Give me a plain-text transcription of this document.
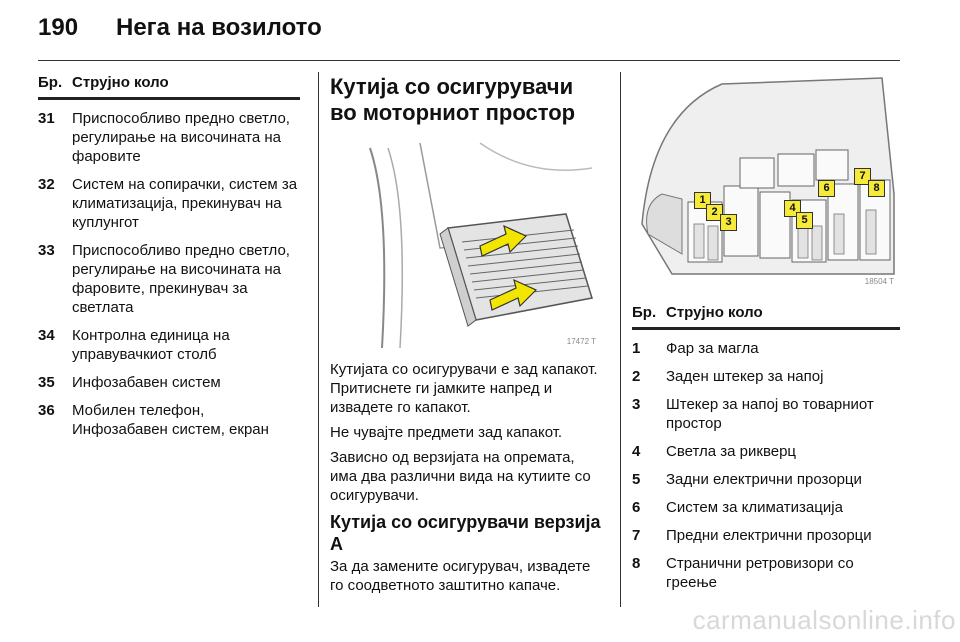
190	Нега на возилото
Бр. Струјно коло
31	Приспособливо предно светло, регулирање на височината на фаровите
32	Систем на сопирачки, систем за климатизација, прекинувач на куплунгот
33	Приспособливо предно светло, регулирање на височината на фаровите, прекинувач за светлата
34	Контролна единица на управувачкиот столб
35	Инфозабавен систем
36	Мобилен телефон, Инфозабавен систем, екран
Кутија со осигурувачи во моторниот простор
17472 T

Кутијата со осигурувачи е зад капакот. Притиснете ги јамките напред и извадете го капакот.

Не чувајте предмети зад капакот.

Зависно од верзијата на опремата, има два различни вида на кутиите со осигурувачи.

Кутија со осигурувачи верзија А

За да замените осигурувач, извадете го соодветното заштитно капаче.

1
2
3
4
5
6
7
8
18504 T
Бр. Струјно коло
1	Фар за магла
2	Заден штекер за напој
3	Штекер за напој во товарниот простор
4	Светла за рикверц
5	Задни електрични прозорци
6	Систем за климатизација
7	Предни електрични прозорци
8	Странични ретровизори со греење
carmanualsonline.info
